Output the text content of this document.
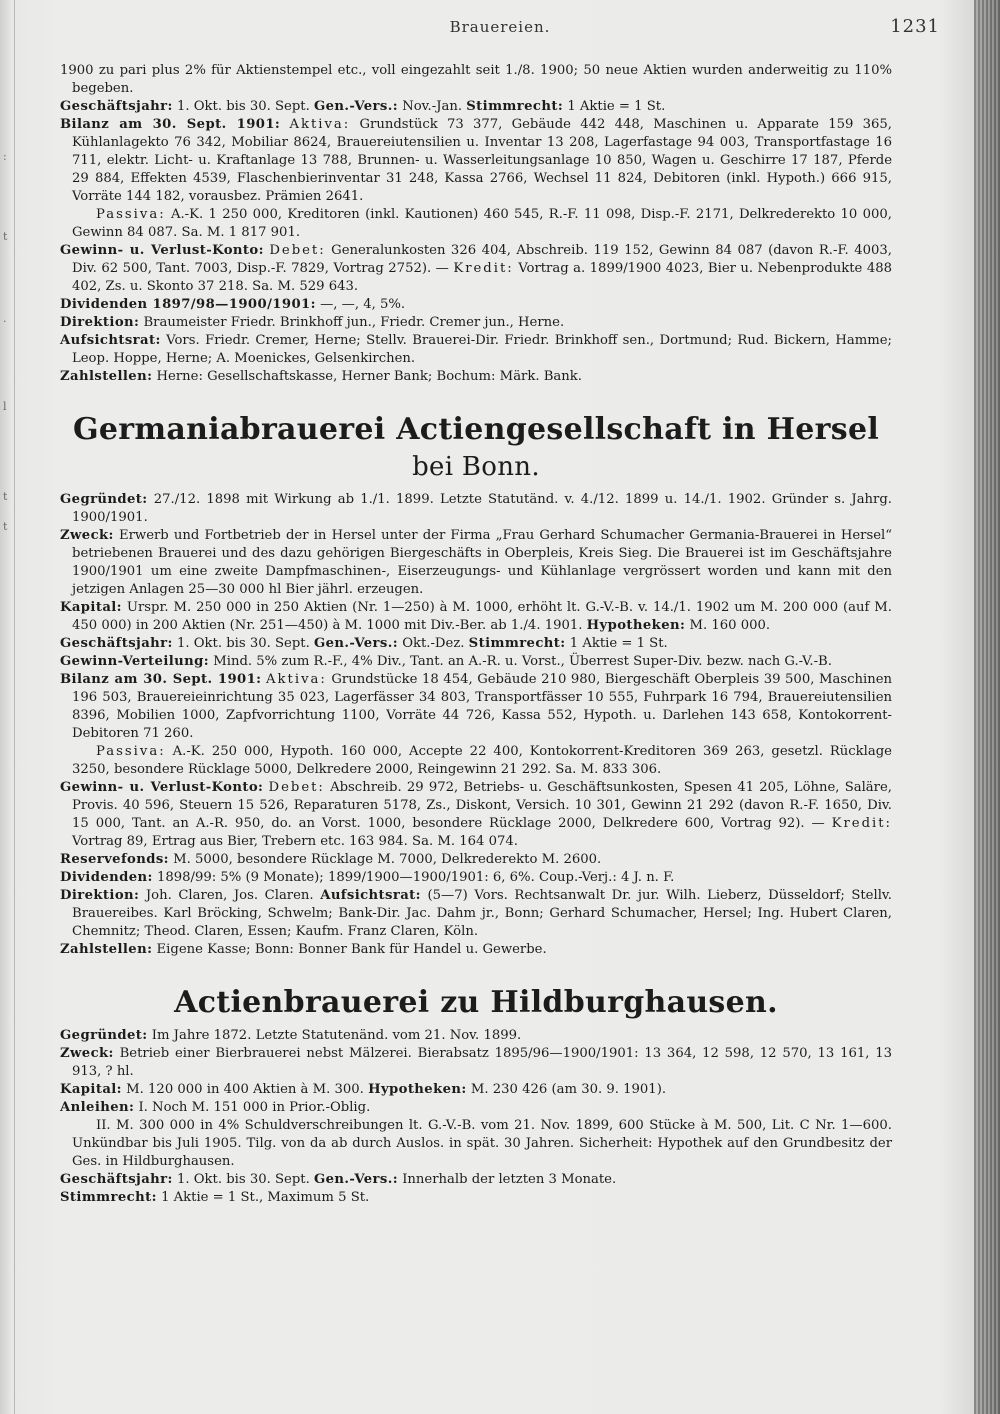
:
t
l
t
t
.
Brauereien.	1231

1900 zu pari plus 2% für Aktienstempel etc., voll eingezahlt seit 1./8. 1900; 50 neue Aktien wurden anderweitig zu 110% begeben.

Geschäftsjahr: 1. Okt. bis 30. Sept. Gen.-Vers.: Nov.-Jan. Stimmrecht: 1 Aktie = 1 St.

Bilanz am 30. Sept. 1901: Aktiva: Grundstück 73 377, Gebäude 442 448, Maschinen u. Apparate 159 365, Kühlanlagekto 76 342, Mobiliar 8624, Brauereiutensilien u. Inventar 13 208, Lagerfastage 94 003, Transportfastage 16 711, elektr. Licht- u. Kraftanlage 13 788, Brunnen- u. Wasserleitungsanlage 10 850, Wagen u. Geschirre 17 187, Pferde 29 884, Effekten 4539, Flaschenbierinventar 31 248, Kassa 2766, Wechsel 11 824, Debitoren (inkl. Hypoth.) 666 915, Vorräte 144 182, vorausbez. Prämien 2641.

Passiva: A.-K. 1 250 000, Kreditoren (inkl. Kautionen) 460 545, R.-F. 11 098, Disp.-F. 2171, Delkrederekto 10 000, Gewinn 84 087. Sa. M. 1 817 901.

Gewinn- u. Verlust-Konto: Debet: Generalunkosten 326 404, Abschreib. 119 152, Gewinn 84 087 (davon R.-F. 4003, Div. 62 500, Tant. 7003, Disp.-F. 7829, Vortrag 2752). — Kredit: Vortrag a. 1899/1900 4023, Bier u. Nebenprodukte 488 402, Zs. u. Skonto 37 218. Sa. M. 529 643.

Dividenden 1897/98—1900/1901: —, —, 4, 5%.

Direktion: Braumeister Friedr. Brinkhoff jun., Friedr. Cremer jun., Herne.

Aufsichtsrat: Vors. Friedr. Cremer, Herne; Stellv. Brauerei-Dir. Friedr. Brinkhoff sen., Dortmund; Rud. Bickern, Hamme; Leop. Hoppe, Herne; A. Moenickes, Gelsenkirchen.

Zahlstellen: Herne: Gesellschaftskasse, Herner Bank; Bochum: Märk. Bank.

Germaniabrauerei Actiengesellschaft in Hersel bei Bonn.

Gegründet: 27./12. 1898 mit Wirkung ab 1./1. 1899. Letzte Statutänd. v. 4./12. 1899 u. 14./1. 1902. Gründer s. Jahrg. 1900/1901.

Zweck: Erwerb und Fortbetrieb der in Hersel unter der Firma „Frau Gerhard Schumacher Germania-Brauerei in Hersel“ betriebenen Brauerei und des dazu gehörigen Biergeschäfts in Oberpleis, Kreis Sieg. Die Brauerei ist im Geschäftsjahre 1900/1901 um eine zweite Dampfmaschinen-, Eiserzeugungs- und Kühlanlage vergrössert worden und kann mit den jetzigen Anlagen 25—30 000 hl Bier jährl. erzeugen.

Kapital: Urspr. M. 250 000 in 250 Aktien (Nr. 1—250) à M. 1000, erhöht lt. G.-V.-B. v. 14./1. 1902 um M. 200 000 (auf M. 450 000) in 200 Aktien (Nr. 251—450) à M. 1000 mit Div.-Ber. ab 1./4. 1901. Hypotheken: M. 160 000.

Geschäftsjahr: 1. Okt. bis 30. Sept. Gen.-Vers.: Okt.-Dez. Stimmrecht: 1 Aktie = 1 St.

Gewinn-Verteilung: Mind. 5% zum R.-F., 4% Div., Tant. an A.-R. u. Vorst., Überrest Super-Div. bezw. nach G.-V.-B.

Bilanz am 30. Sept. 1901: Aktiva: Grundstücke 18 454, Gebäude 210 980, Biergeschäft Oberpleis 39 500, Maschinen 196 503, Brauereieinrichtung 35 023, Lagerfässer 34 803, Transportfässer 10 555, Fuhrpark 16 794, Brauereiutensilien 8396, Mobilien 1000, Zapfvorrichtung 1100, Vorräte 44 726, Kassa 552, Hypoth. u. Darlehen 143 658, Kontokorrent-Debitoren 71 260.

Passiva: A.-K. 250 000, Hypoth. 160 000, Accepte 22 400, Kontokorrent-Kreditoren 369 263, gesetzl. Rücklage 3250, besondere Rücklage 5000, Delkredere 2000, Reingewinn 21 292. Sa. M. 833 306.

Gewinn- u. Verlust-Konto: Debet: Abschreib. 29 972, Betriebs- u. Geschäftsunkosten, Spesen 41 205, Löhne, Saläre, Provis. 40 596, Steuern 15 526, Reparaturen 5178, Zs., Diskont, Versich. 10 301, Gewinn 21 292 (davon R.-F. 1650, Div. 15 000, Tant. an A.-R. 950, do. an Vorst. 1000, besondere Rücklage 2000, Delkredere 600, Vortrag 92). — Kredit: Vortrag 89, Ertrag aus Bier, Trebern etc. 163 984. Sa. M. 164 074.

Reservefonds: M. 5000, besondere Rücklage M. 7000, Delkrederekto M. 2600.

Dividenden: 1898/99: 5% (9 Monate); 1899/1900—1900/1901: 6, 6%. Coup.-Verj.: 4 J. n. F.

Direktion: Joh. Claren, Jos. Claren. Aufsichtsrat: (5—7) Vors. Rechtsanwalt Dr. jur. Wilh. Lieberz, Düsseldorf; Stellv. Brauereibes. Karl Bröcking, Schwelm; Bank-Dir. Jac. Dahm jr., Bonn; Gerhard Schumacher, Hersel; Ing. Hubert Claren, Chemnitz; Theod. Claren, Essen; Kaufm. Franz Claren, Köln.

Zahlstellen: Eigene Kasse; Bonn: Bonner Bank für Handel u. Gewerbe.

Actienbrauerei zu Hildburghausen.

Gegründet: Im Jahre 1872. Letzte Statutenänd. vom 21. Nov. 1899.

Zweck: Betrieb einer Bierbrauerei nebst Mälzerei. Bierabsatz 1895/96—1900/1901: 13 364, 12 598, 12 570, 13 161, 13 913, ? hl.

Kapital: M. 120 000 in 400 Aktien à M. 300. Hypotheken: M. 230 426 (am 30. 9. 1901).

Anleihen: I. Noch M. 151 000 in Prior.-Oblig.

II. M. 300 000 in 4% Schuldverschreibungen lt. G.-V.-B. vom 21. Nov. 1899, 600 Stücke à M. 500, Lit. C Nr. 1—600. Unkündbar bis Juli 1905. Tilg. von da ab durch Auslos. in spät. 30 Jahren. Sicherheit: Hypothek auf den Grundbesitz der Ges. in Hildburghausen.

Geschäftsjahr: 1. Okt. bis 30. Sept. Gen.-Vers.: Innerhalb der letzten 3 Monate.

Stimmrecht: 1 Aktie = 1 St., Maximum 5 St.
